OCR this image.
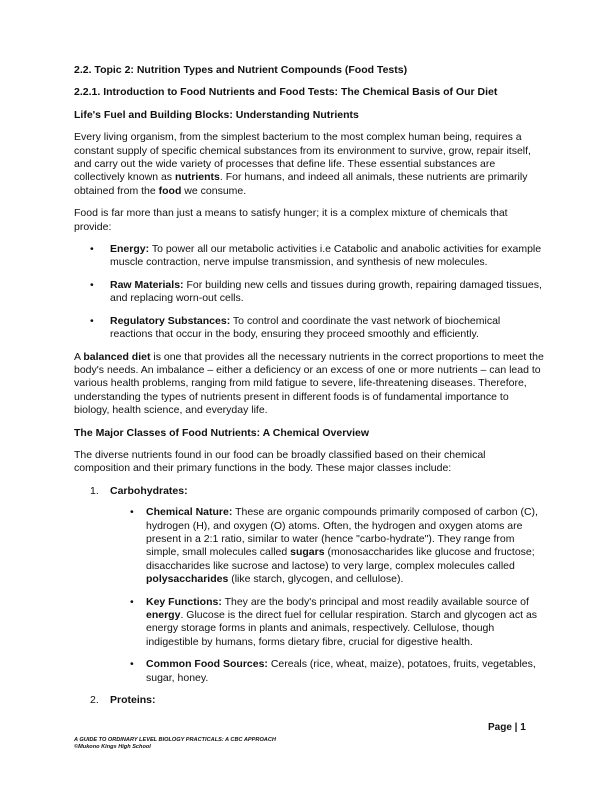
2.2. Topic 2: Nutrition Types and Nutrient Compounds (Food Tests)
2.2.1. Introduction to Food Nutrients and Food Tests: The Chemical Basis of Our Diet
Life's Fuel and Building Blocks: Understanding Nutrients

Every living organism, from the simplest bacterium to the most complex human being, requires a constant supply of specific chemical substances from its environment to survive, grow, repair itself, and carry out the wide variety of processes that define life. These essential substances are collectively known as nutrients. For humans, and indeed all animals, these nutrients are primarily obtained from the food we consume.

Food is far more than just a means to satisfy hunger; it is a complex mixture of chemicals that provide:

• Energy: To power all our metabolic activities i.e Catabolic and anabolic activities for example muscle contraction, nerve impulse transmission, and synthesis of new molecules.
• Raw Materials: For building new cells and tissues during growth, repairing damaged tissues, and replacing worn-out cells.
• Regulatory Substances: To control and coordinate the vast network of biochemical reactions that occur in the body, ensuring they proceed smoothly and efficiently.

A balanced diet is one that provides all the necessary nutrients in the correct proportions to meet the body's needs. An imbalance – either a deficiency or an excess of one or more nutrients – can lead to various health problems, ranging from mild fatigue to severe, life-threatening diseases. Therefore, understanding the types of nutrients present in different foods is of fundamental importance to biology, health science, and everyday life.

The Major Classes of Food Nutrients: A Chemical Overview

The diverse nutrients found in our food can be broadly classified based on their chemical composition and their primary functions in the body. These major classes include:

1. Carbohydrates:
• Chemical Nature: These are organic compounds primarily composed of carbon (C), hydrogen (H), and oxygen (O) atoms. Often, the hydrogen and oxygen atoms are present in a 2:1 ratio, similar to water (hence "carbo-hydrate"). They range from simple, small molecules called sugars (monosaccharides like glucose and fructose; disaccharides like sucrose and lactose) to very large, complex molecules called polysaccharides (like starch, glycogen, and cellulose).
• Key Functions: They are the body's principal and most readily available source of energy. Glucose is the direct fuel for cellular respiration. Starch and glycogen act as energy storage forms in plants and animals, respectively. Cellulose, though indigestible by humans, forms dietary fibre, crucial for digestive health.
• Common Food Sources: Cereals (rice, wheat, maize), potatoes, fruits, vegetables, sugar, honey.
2. Proteins:
Page | 1
A GUIDE TO ORDINARY LEVEL BIOLOGY PRACTICALS: A CBC APPROACH
©Mukono Kings High School
